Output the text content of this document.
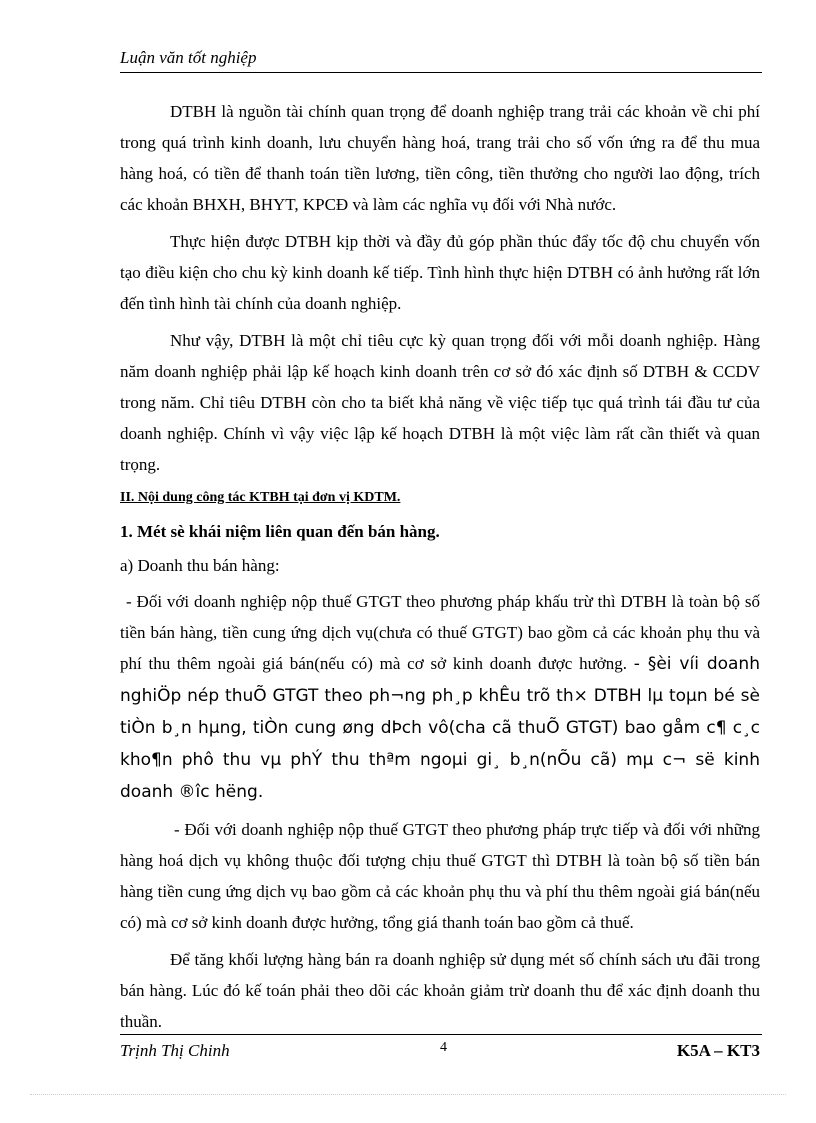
Luận văn tốt nghiệp

DTBH là nguồn tài chính quan trọng để doanh nghiệp trang trải các khoản về chi phí trong quá trình kinh doanh, lưu chuyển hàng hoá, trang trải cho số vốn ứng ra để thu mua hàng hoá, có tiền để thanh toán tiền lương, tiền công, tiền thưởng cho người lao động, trích các khoản BHXH, BHYT, KPCĐ và làm các nghĩa vụ đối với Nhà nước.

Thực hiện được DTBH kịp thời và đầy đủ góp phần thúc đẩy tốc độ chu chuyển vốn tạo điều kiện cho chu kỳ kinh doanh kế tiếp. Tình hình thực hiện DTBH có ảnh hưởng rất lớn đến tình hình tài chính của doanh nghiệp.

Như vậy, DTBH là một chỉ tiêu cực kỳ quan trọng đối với mỗi doanh nghiệp. Hàng năm doanh nghiệp phải lập kế hoạch kinh doanh trên cơ sở đó xác định số DTBH & CCDV trong năm. Chỉ tiêu DTBH còn cho ta biết khả năng về việc tiếp tục quá trình tái đầu tư của doanh nghiệp. Chính vì vậy việc lập kế hoạch DTBH là một việc làm rất cần thiết và quan trọng.

II. Nội dung công tác KTBH tại đơn vị KDTM.
1. Mét sè khái niệm liên quan đến bán hàng.
a) Doanh thu bán hàng:

- Đối với doanh nghiệp nộp thuế GTGT theo phương pháp khấu trừ thì DTBH là toàn bộ số tiền bán hàng, tiền cung ứng dịch vụ(chưa có thuế GTGT) bao gồm cả các khoản phụ thu và phí thu thêm ngoài giá bán(nếu có) mà cơ sở kinh doanh được hưởng. - §èi víi doanh nghiÖp nép thuÕ GTGT theo ph¬ng ph¸p khÊu trõ th× DTBH lµ toµn bé sè tiÒn b¸n hµng, tiÒn cung øng dÞch vô(cha cã thuÕ GTGT) bao gåm c¶ c¸c kho¶n phô thu vµ phÝ thu thªm ngoµi gi¸ b¸n(nÕu cã) mµ c¬ së kinh doanh ®îc hëng.

- Đối với doanh nghiệp nộp thuế GTGT theo phương pháp trực tiếp và đối với những hàng hoá dịch vụ không thuộc đối tượng chịu thuế GTGT thì DTBH là toàn bộ số tiền bán hàng tiền cung ứng dịch vụ bao gồm cả các khoản phụ thu và phí thu thêm ngoài giá bán(nếu có) mà cơ sở kinh doanh được hưởng, tổng giá thanh toán bao gồm cả thuế.

Để tăng khối lượng hàng bán ra doanh nghiệp sử dụng mét số chính sách ưu đãi trong bán hàng. Lúc đó kế toán phải theo dõi các khoản giảm trừ doanh thu để xác định doanh thu thuần.

Trịnh Thị Chinh	4	K5A – KT3
